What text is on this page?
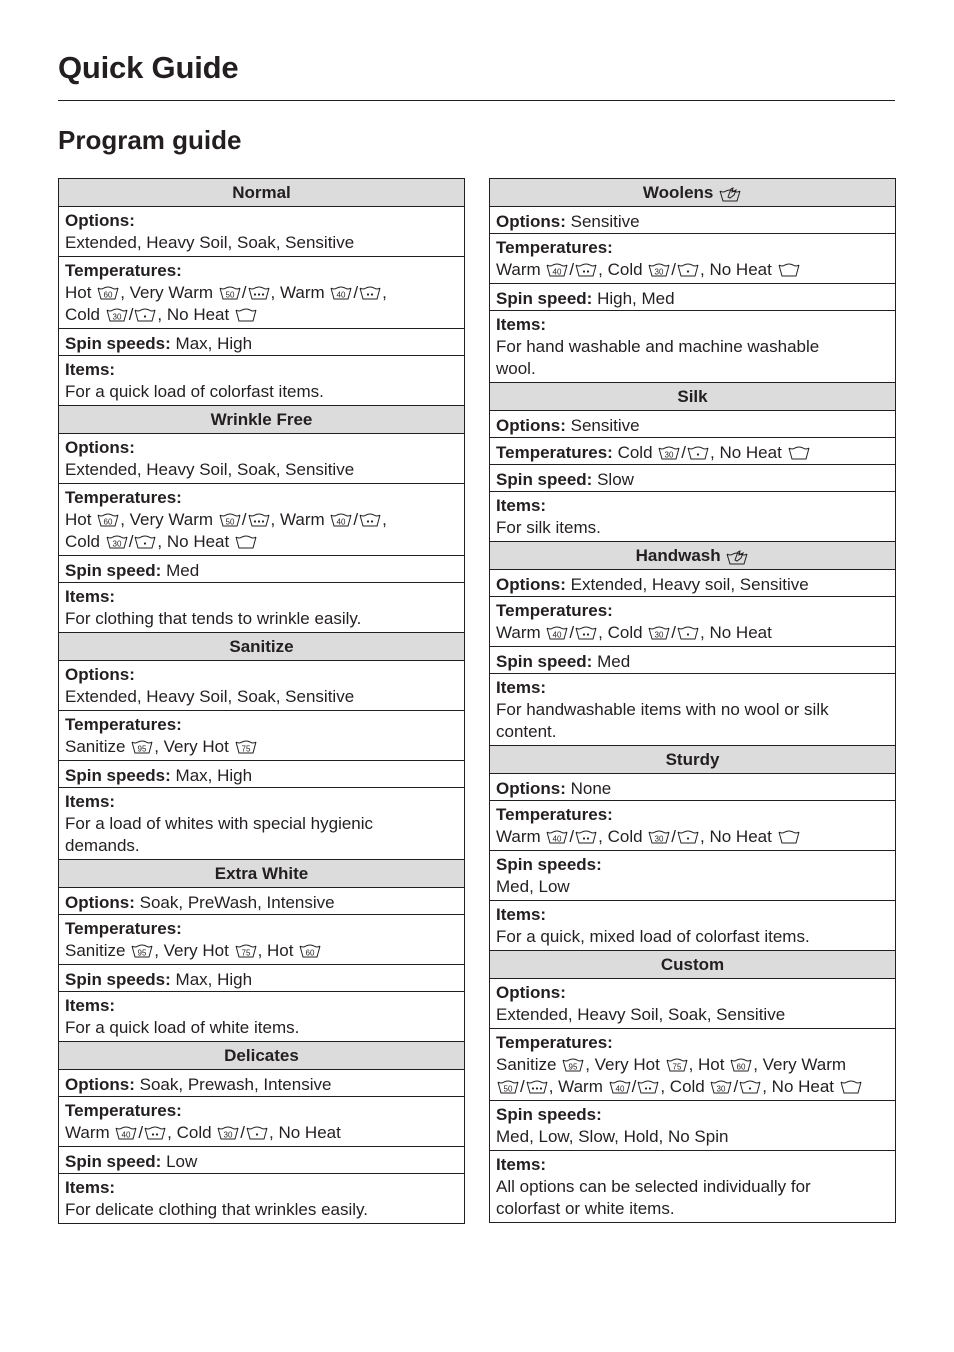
Quick Guide
Program guide
Normal
Options:
Extended, Heavy Soil, Soak, Sensitive
Temperatures:
Hot 60 , Very Warm 50 / , Warm 40 / ,
Cold 30 / , No Heat
Spin speeds: Max, High
Items:
For a quick load of colorfast items.
Wrinkle Free
Options:
Extended, Heavy Soil, Soak, Sensitive
Temperatures:
Hot 60 , Very Warm 50 / , Warm 40 / ,
Cold 30 / , No Heat
Spin speed: Med
Items:
For clothing that tends to wrinkle easily.
Sanitize
Options:
Extended, Heavy Soil, Soak, Sensitive
Temperatures:
Sanitize 95 , Very Hot 75
Spin speeds: Max, High
Items:
For a load of whites with special hygienic
demands.
Extra White
Options: Soak, PreWash, Intensive
Temperatures:
Sanitize 95 , Very Hot 75 , Hot 60
Spin speeds: Max, High
Items:
For a quick load of white items.
Delicates
Options: Soak, Prewash, Intensive
Temperatures:
Warm 40 / , Cold 30 / , No Heat
Spin speed: Low
Items:
For delicate clothing that wrinkles easily.
Woolens
Options: Sensitive
Temperatures:
Warm 40 / , Cold 30 / , No Heat
Spin speed: High, Med
Items:
For hand washable and machine washable
wool.
Silk
Options: Sensitive
Temperatures: Cold 30 / , No Heat
Spin speed: Slow
Items:
For silk items.
Handwash
Options: Extended, Heavy soil, Sensitive
Temperatures:
Warm 40 / , Cold 30 / , No Heat
Spin speed: Med
Items:
For handwashable items with no wool or silk
content.
Sturdy
Options: None
Temperatures:
Warm 40 / , Cold 30 / , No Heat
Spin speeds:
Med, Low
Items:
For a quick, mixed load of colorfast items.
Custom
Options:
Extended, Heavy Soil, Soak, Sensitive
Temperatures:
Sanitize 95 , Very Hot 75 , Hot 60 , Very Warm

50 / , Warm 40 / , Cold 30 / , No Heat
Spin speeds:
Med, Low, Slow, Hold, No Spin
Items:
All options can be selected individually for
colorfast or white items.
